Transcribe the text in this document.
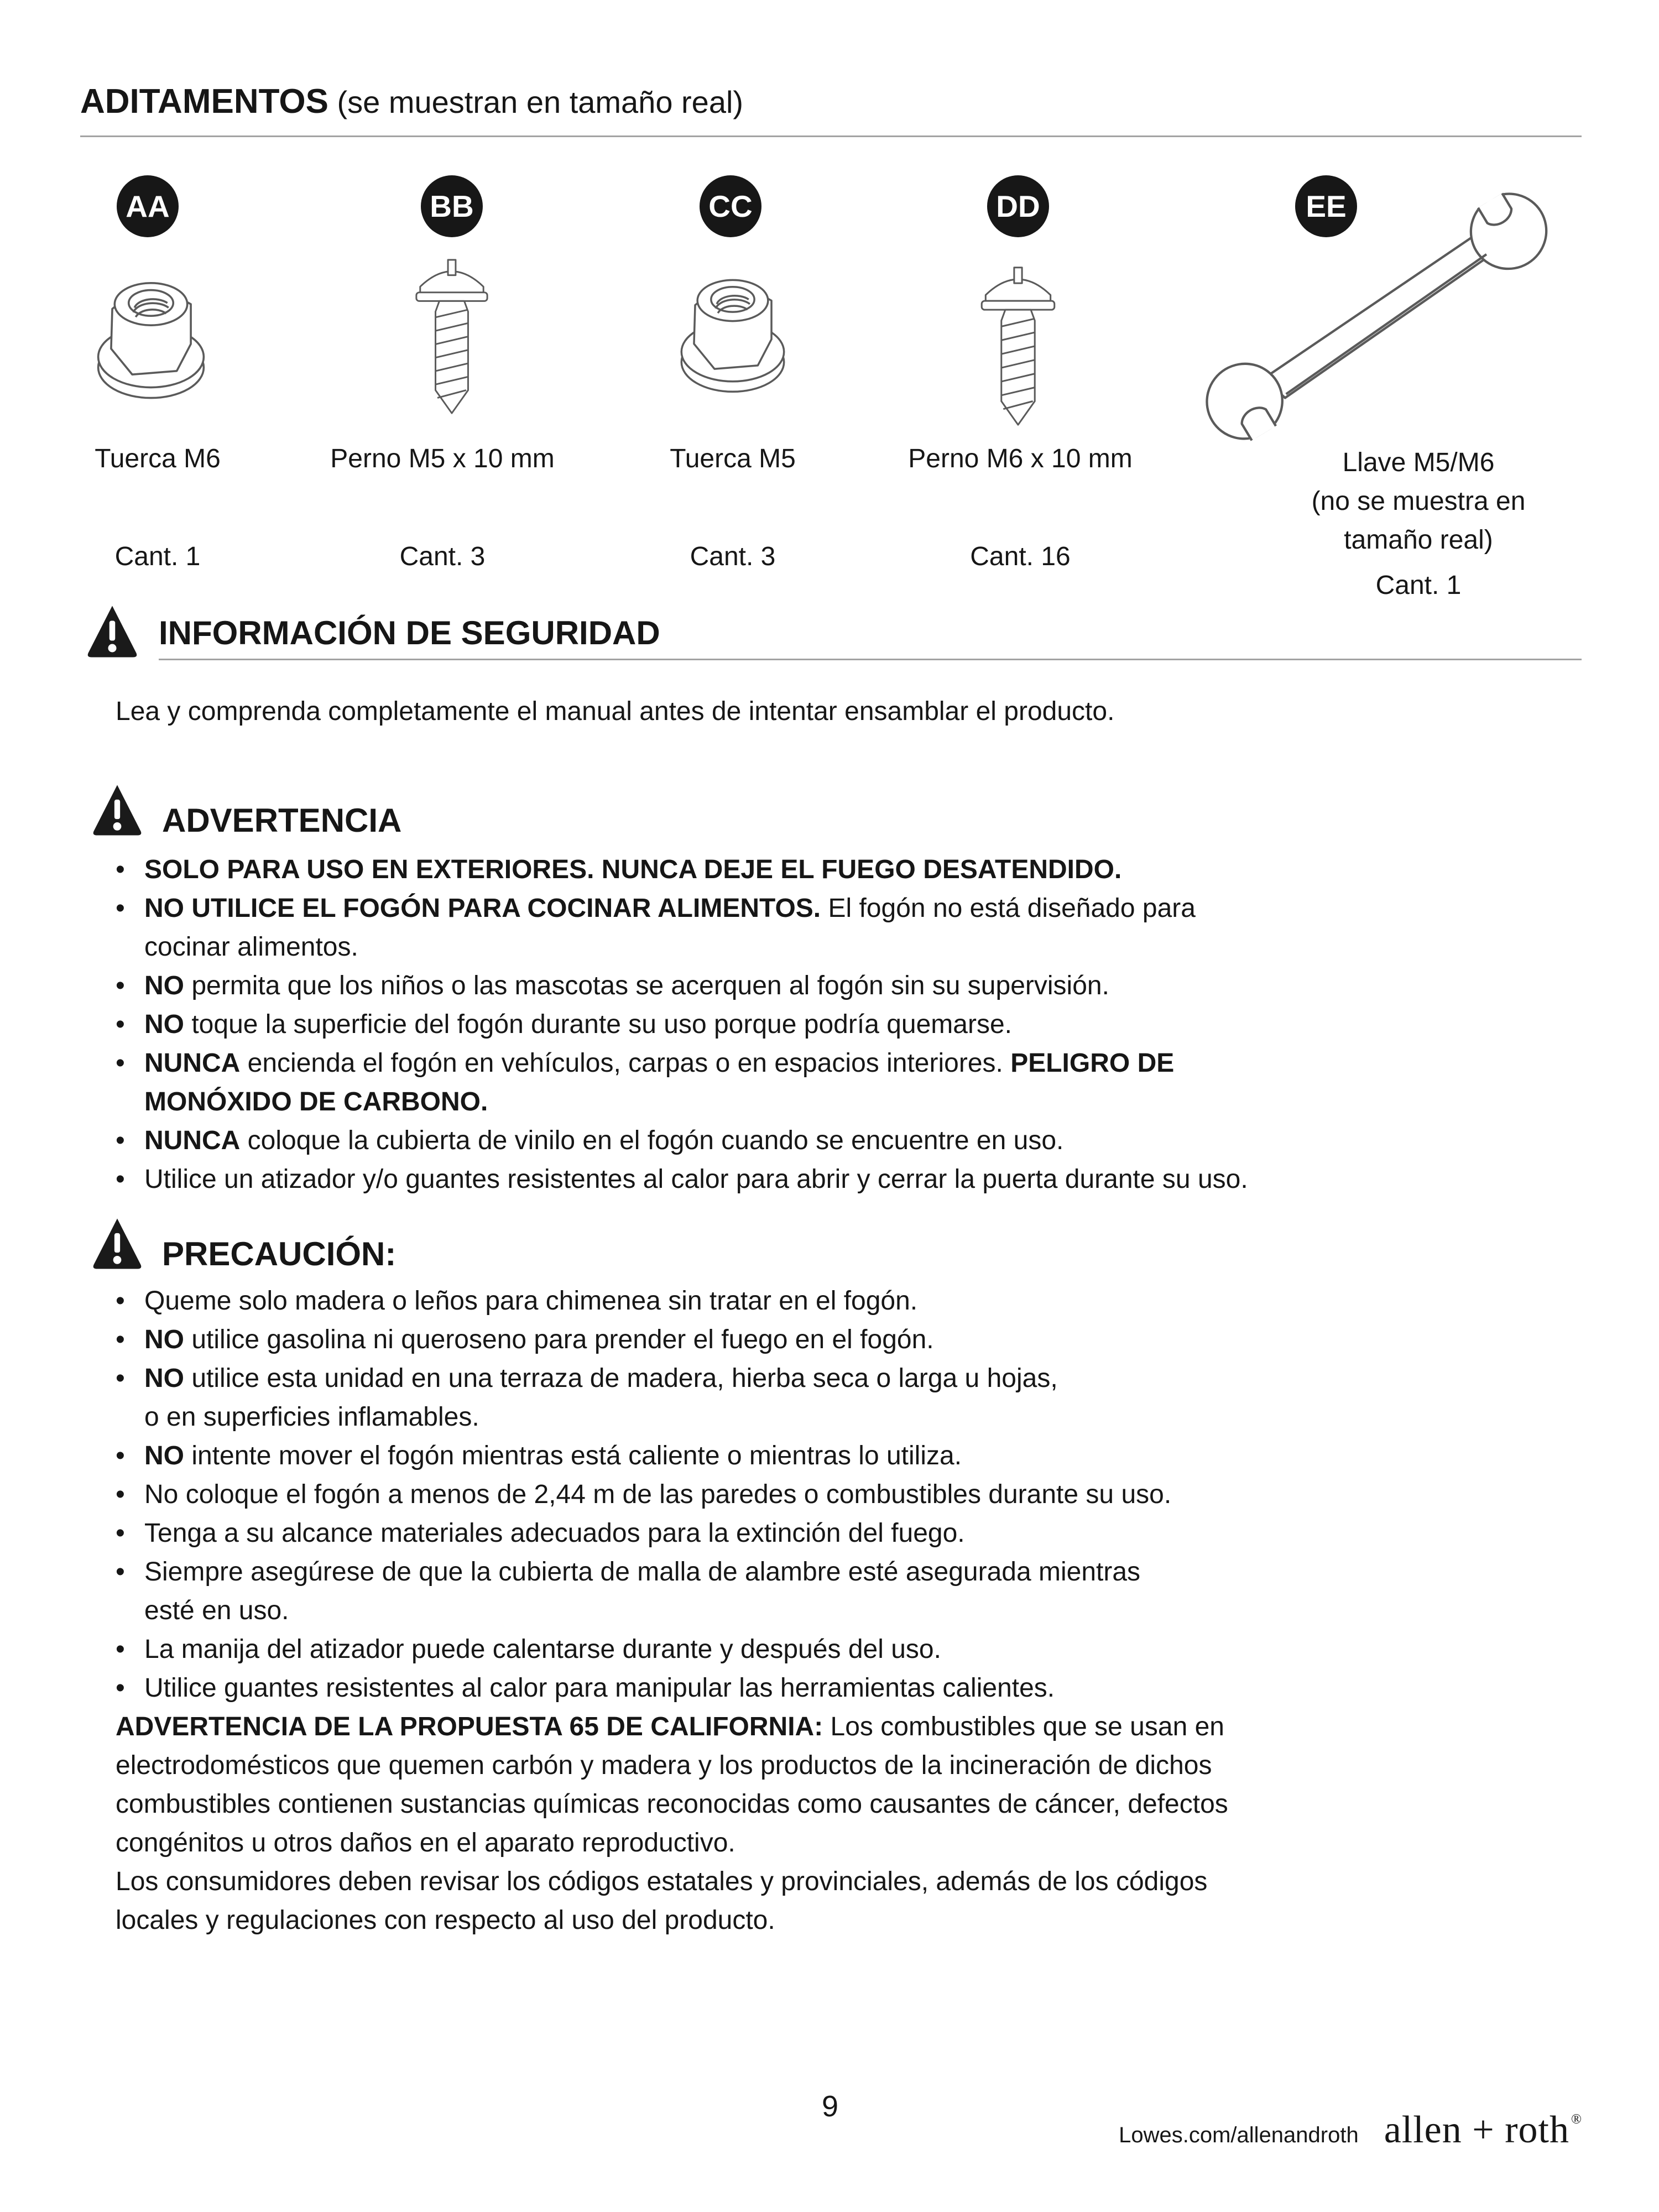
ADITAMENTOS (se muestran en tamaño real)
AA
Tuerca M6
Cant. 1
BB
Perno M5 x 10 mm
Cant. 3
CC
Tuerca M5
Cant. 3
DD
Perno M6 x 10 mm
Cant. 16
EE
Llave M5/M6
(no se muestra en
tamaño real)
Cant. 1
INFORMACIÓN DE SEGURIDAD
Lea y comprenda completamente el manual antes de intentar ensamblar el producto.
ADVERTENCIA
• SOLO PARA USO EN EXTERIORES. NUNCA DEJE EL FUEGO DESATENDIDO.
• NO UTILICE EL FOGÓN PARA COCINAR ALIMENTOS. El fogón no está diseñado para
cocinar alimentos.
• NO permita que los niños o las mascotas se acerquen al fogón sin su supervisión.
• NO toque la superficie del fogón durante su uso porque podría quemarse.
• NUNCA encienda el fogón en vehículos, carpas o en espacios interiores. PELIGRO DE
MONÓXIDO DE CARBONO.
• NUNCA coloque la cubierta de vinilo en el fogón cuando se encuentre en uso.
• Utilice un atizador y/o guantes resistentes al calor para abrir y cerrar la puerta durante su uso.
PRECAUCIÓN:
• Queme solo madera o leños para chimenea sin tratar en el fogón.
• NO utilice gasolina ni queroseno para prender el fuego en el fogón.
• NO utilice esta unidad en una terraza de madera, hierba seca o larga u hojas,
o en superficies inflamables.
• NO intente mover el fogón mientras está caliente o mientras lo utiliza.
• No coloque el fogón a menos de 2,44 m de las paredes o combustibles durante su uso.
• Tenga a su alcance materiales adecuados para la extinción del fuego.
• Siempre asegúrese de que la cubierta de malla de alambre esté asegurada mientras
esté en uso.
• La manija del atizador puede calentarse durante y después del uso.
• Utilice guantes resistentes al calor para manipular las herramientas calientes.
ADVERTENCIA DE LA PROPUESTA 65 DE CALIFORNIA: Los combustibles que se usan en
electrodomésticos que quemen carbón y madera y los productos de la incineración de dichos
combustibles contienen sustancias químicas reconocidas como causantes de cáncer, defectos
congénitos u otros daños en el aparato reproductivo.
Los consumidores deben revisar los códigos estatales y provinciales, además de los códigos
locales y regulaciones con respecto al uso del producto.
9
Lowes.com/allenandroth allen + roth ®
